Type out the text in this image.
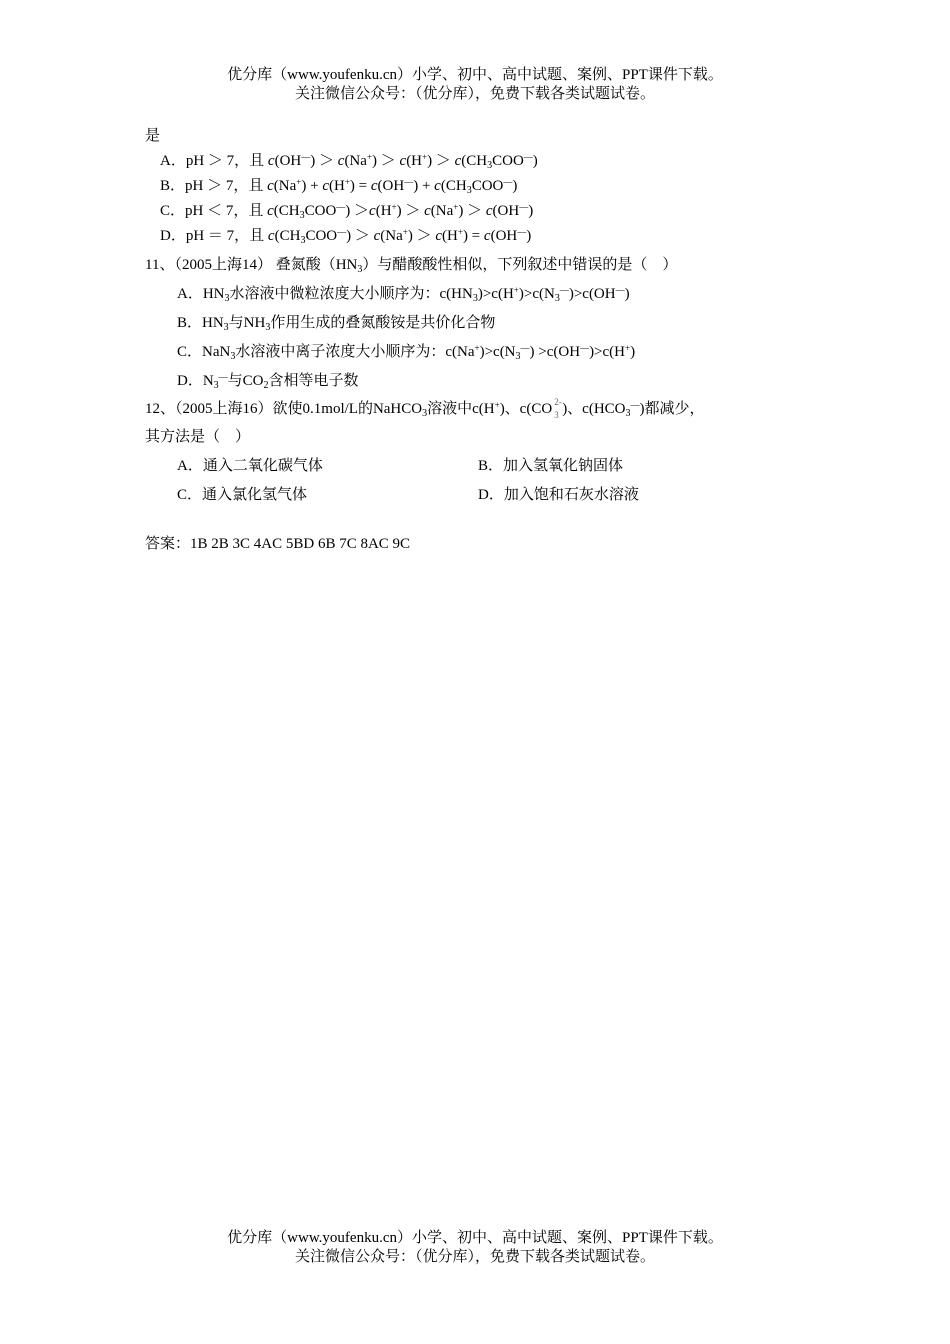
优分库（www.youfenku.cn）小学、初中、高中试题、案例、PPT课件下载。
关注微信公众号：（优分库），免费下载各类试题试卷。
是
A．pH ＞ 7，且 $c(OH^—) > c(Na^+) > c(H^+) > c(CH_3COO^—)$
B．pH ＞ 7，且 $c(Na^+) + c(H^+) = c(OH^—) + c(CH_3COO^—)$
C．pH ＜ 7，且 $c(CH_3COO^—) >c(H^+) > c(Na^+) > c(OH^—)$
D．pH ＝ 7，且 $c(CH_3COO^—) > c(Na^+) > c(H^+) = c(OH^—)$
11、（2005上海14） 叠氮酸$(HN_3)$与醋酸酸性相似，下列叙述中错误的是（　）
A．$HN_3$水溶液中微粒浓度大小顺序为：$c(HN_3)>c(H^+)>c(N_3^—)>c(OH^—)$
B．$HN_3$与$NH_3$作用生成的叠氮酸铵是共价化合物
C．NaN$_3$水溶液中离子浓度大小顺序为：$c(Na^+)>c(N_3^—) >c(OH^—)>c(H^+)$
D．$N_3^—$与$CO_2$含相等电子数
12、（2005上海16）欲使0.1mol/L的NaHCO$_3$溶液中c(H+)、c(CO 2-
3 )、$c(HCO_3^—)$都减少，
其方法是（　）
A．通入二氧化碳气体	B．加入氢氧化钠固体
C．通入氯化氢气体	D．加入饱和石灰水溶液
答案：1B 2B 3C 4AC 5BD 6B 7C 8AC 9C
优分库（www.youfenku.cn）小学、初中、高中试题、案例、PPT课件下载。
关注微信公众号：（优分库），免费下载各类试题试卷。
